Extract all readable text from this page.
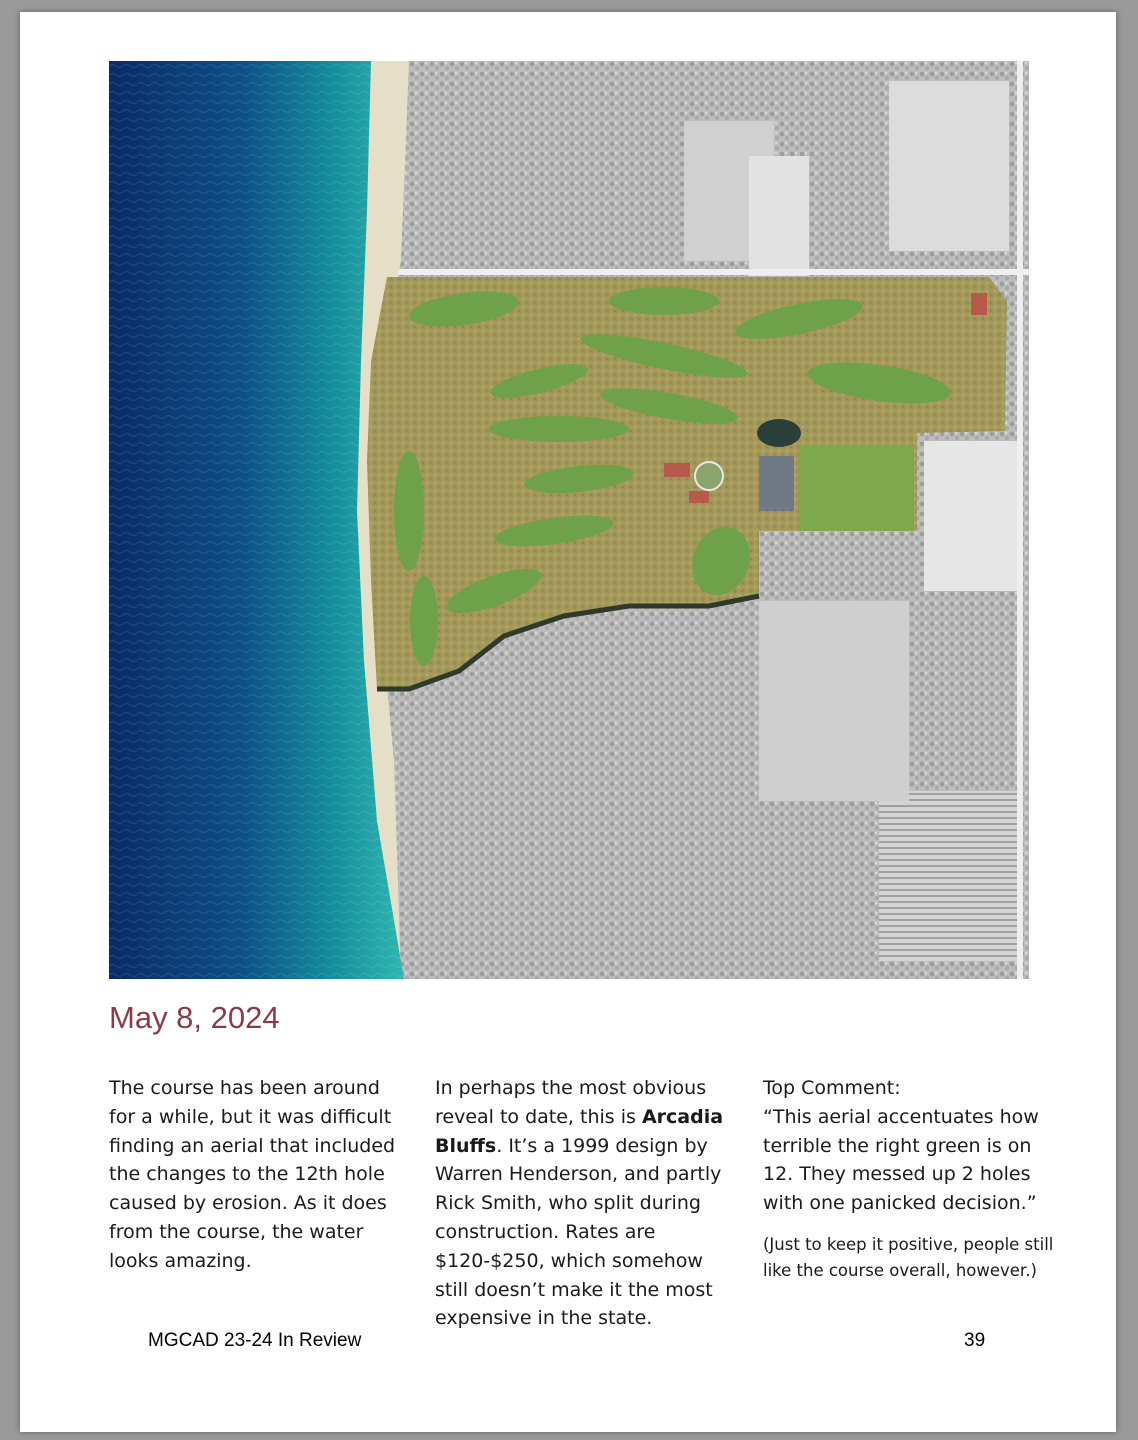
May 8, 2024

The course has been around for a while, but it was difficult finding an aerial that included the changes to the 12th hole caused by erosion. As it does from the course, the water looks amazing.

In perhaps the most obvious reveal to date, this is Arcadia Bluffs. It’s a 1999 design by Warren Henderson, and partly Rick Smith, who split during construction. Rates are $120-$250, which somehow still doesn’t make it the most expensive in the state.

Top Comment:

“This aerial accentuates how terrible the right green is on 12. They messed up 2 holes with one panicked decision.”

(Just to keep it positive, people still like the course overall, however.)

MGCAD 23-24 In Review	39
